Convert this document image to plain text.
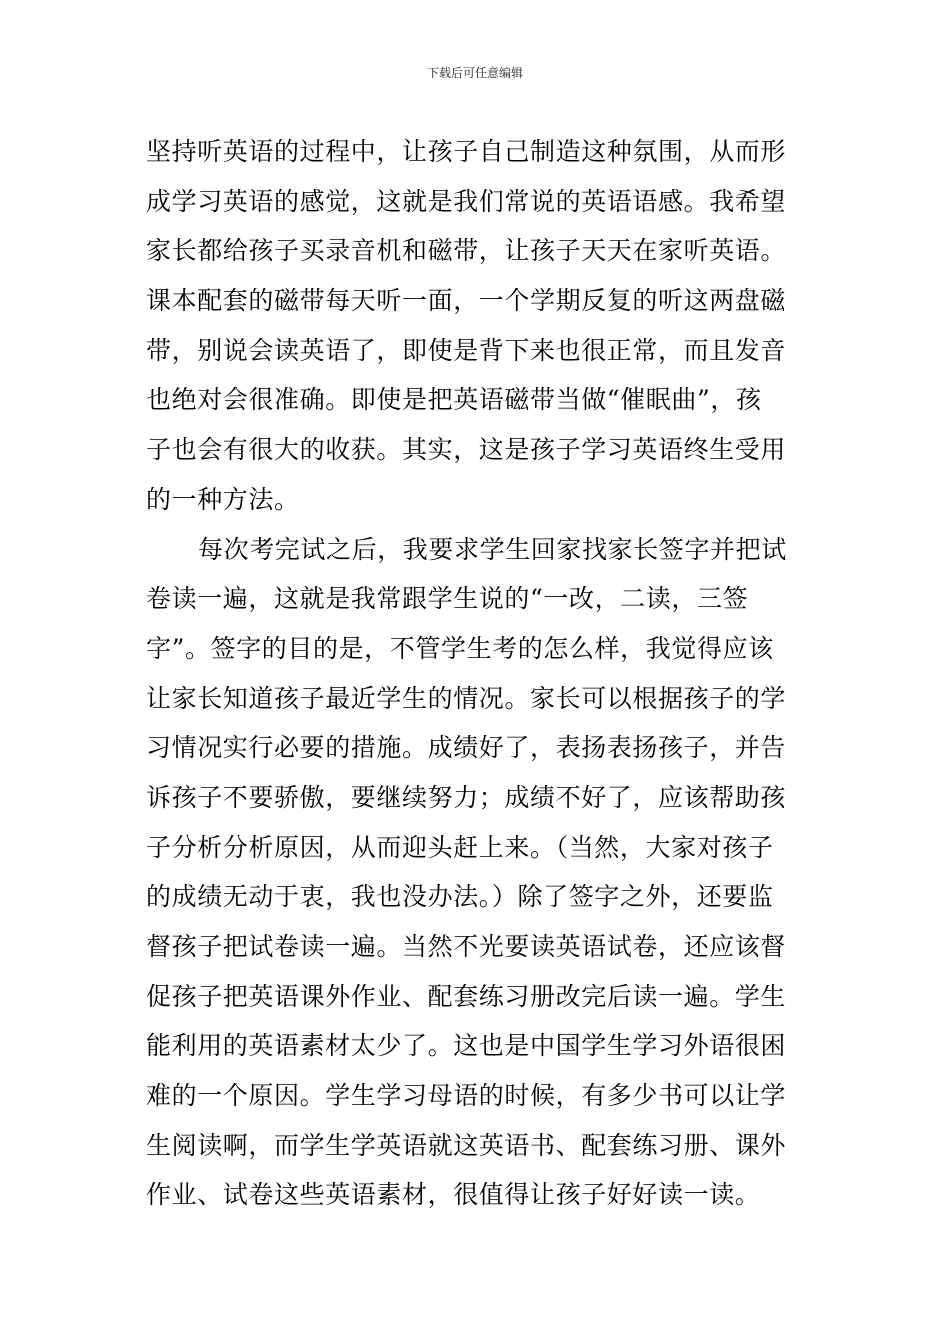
下载后可任意编辑
坚持听英语的过程中，让孩子自己制造这种氛围，从而形
成学习英语的感觉，这就是我们常说的英语语感。我希望
家长都给孩子买录音机和磁带，让孩子天天在家听英语。
课本配套的磁带每天听一面，一个学期反复的听这两盘磁
带，别说会读英语了，即使是背下来也很正常，而且发音
也绝对会很准确。即使是把英语磁带当做“催眠曲”，孩
子也会有很大的收获。其实，这是孩子学习英语终生受用
的一种方法。
每次考完试之后，我要求学生回家找家长签字并把试
卷读一遍，这就是我常跟学生说的“一改，二读，三签
字”。签字的目的是，不管学生考的怎么样，我觉得应该
让家长知道孩子最近学生的情况。家长可以根据孩子的学
习情况实行必要的措施。成绩好了，表扬表扬孩子，并告
诉孩子不要骄傲，要继续努力；成绩不好了，应该帮助孩
子分析分析原因，从而迎头赶上来。（当然，大家对孩子
的成绩无动于衷，我也没办法。）除了签字之外，还要监
督孩子把试卷读一遍。当然不光要读英语试卷，还应该督
促孩子把英语课外作业、配套练习册改完后读一遍。学生
能利用的英语素材太少了。这也是中国学生学习外语很困
难的一个原因。学生学习母语的时候，有多少书可以让学
生阅读啊，而学生学英语就这英语书、配套练习册、课外
作业、试卷这些英语素材，很值得让孩子好好读一读。
